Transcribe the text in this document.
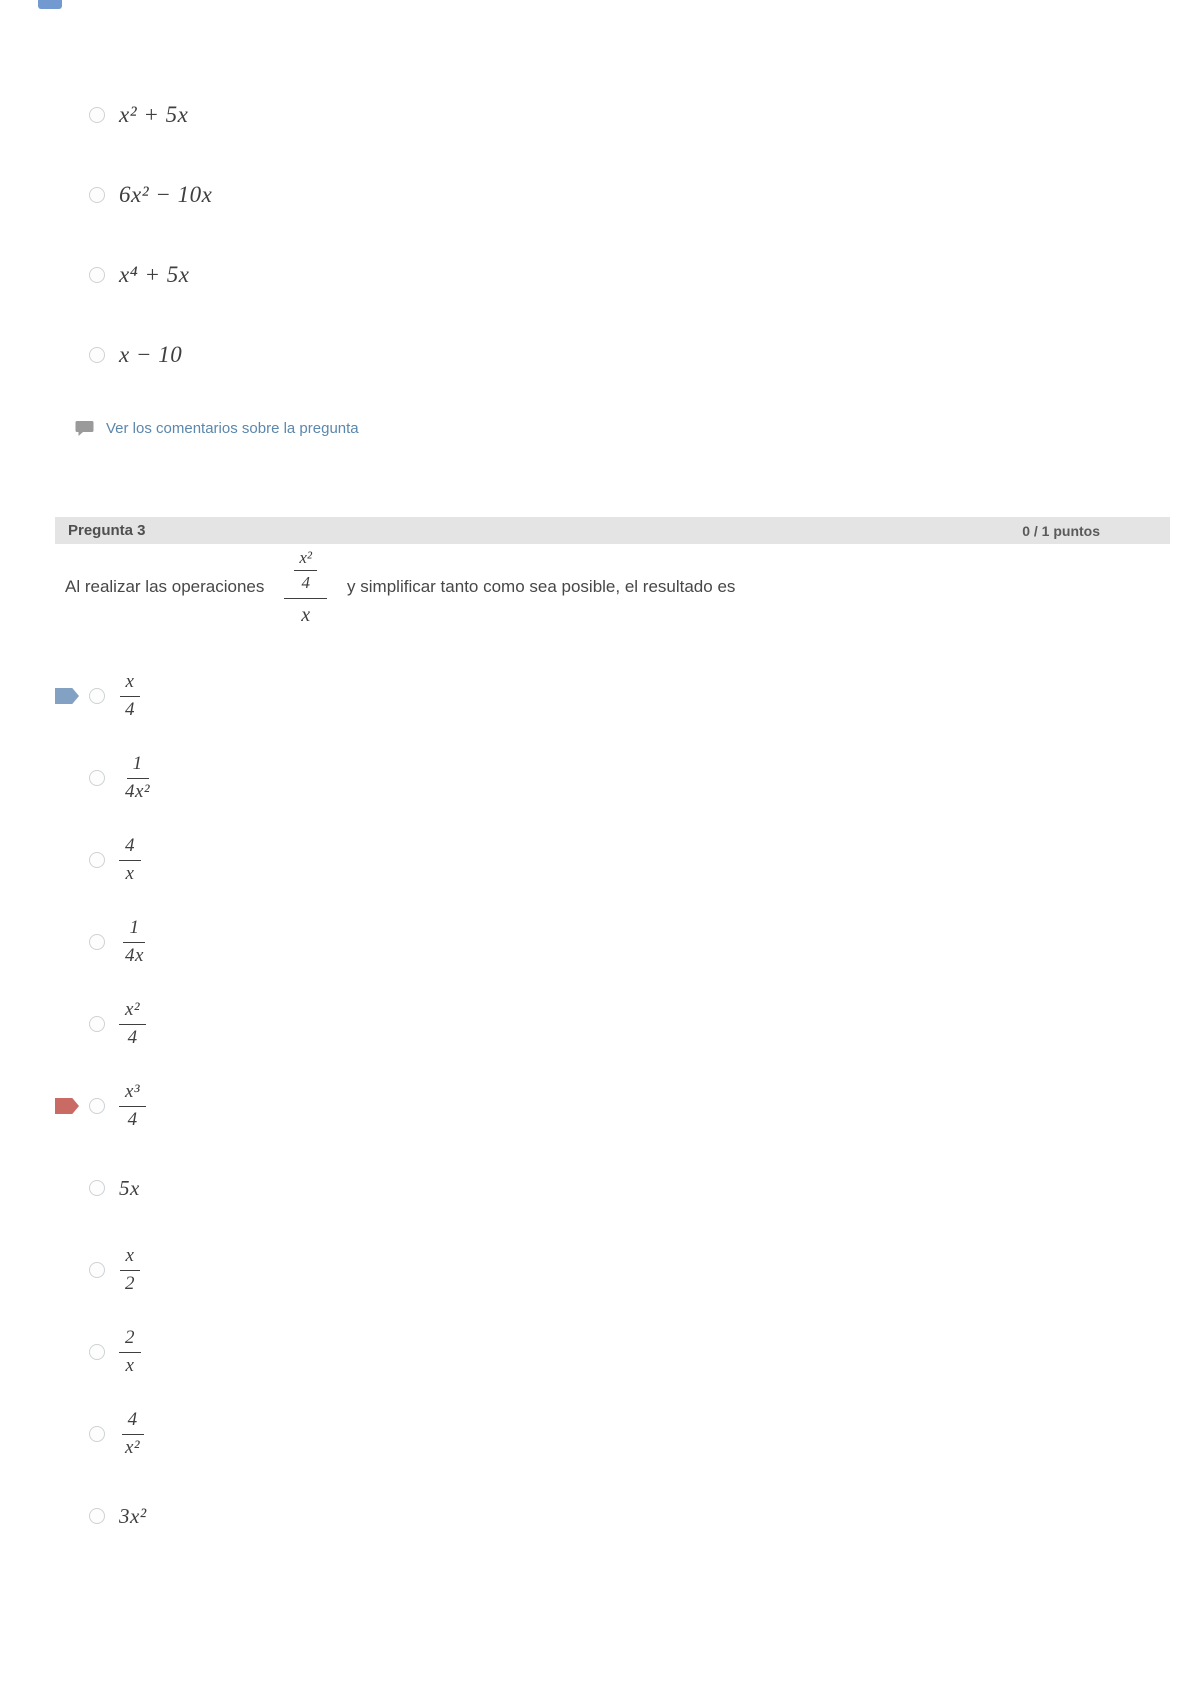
x² + 5x
6x² − 10x
x⁴ + 5x
x − 10
Ver los comentarios sobre la pregunta
Pregunta 3	0 / 1 puntos
Al realizar las operaciones $\frac{\frac{\text{x²}}{4}}{x}$ y simplificar tanto como sea posible, el resultado es
$\frac{x}{4}$
$\frac{1}{\text{4x²}}$
$\frac{4}{x}$
$\frac{1}{4x}$
$\frac{\text{x²}}{4}$
$\frac{\text{x³}}{4}$
5x
$\frac{x}{2}$
$\frac{2}{x}$
$\frac{4}{\text{x²}}$
3x²
